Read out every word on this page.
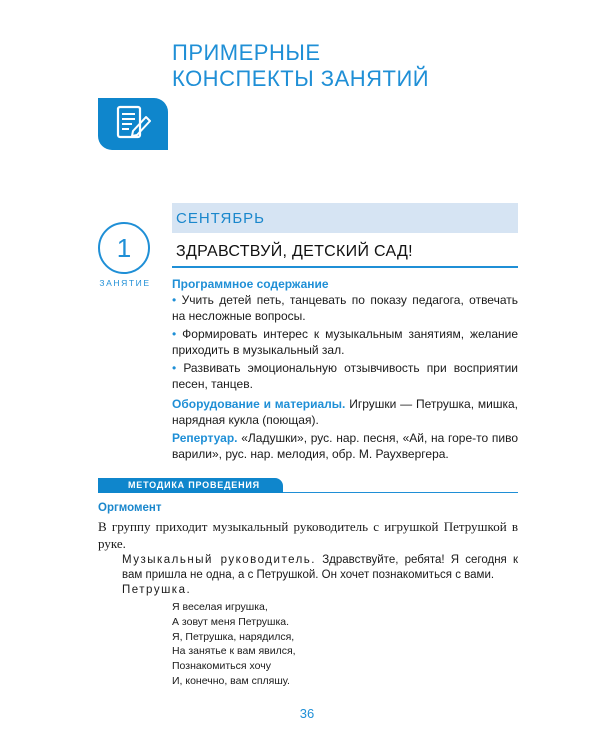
ПРИМЕРНЫЕ
КОНСПЕКТЫ ЗАНЯТИЙ
СЕНТЯБРЬ
1
ЗАНЯТИЕ
ЗДРАВСТВУЙ, ДЕТСКИЙ САД!
Программное содержание
• Учить детей петь, танцевать по показу педагога, отвечать на несложные вопросы.
• Формировать интерес к музыкальным занятиям, желание приходить в музыкальный зал.
• Развивать эмоциональную отзывчивость при восприятии песен, танцев.
Оборудование и материалы. Игрушки — Петрушка, мишка, нарядная кукла (поющая).
Репертуар. «Ладушки», рус. нар. песня, «Ай, на горе-то пиво варили», рус. нар. мелодия, обр. М. Раухвергера.
МЕТОДИКА ПРОВЕДЕНИЯ
Оргмомент
В группу приходит музыкальный руководитель с игрушкой Петрушкой в руке.
Музыкальный руководитель. Здравствуйте, ребята! Я сегодня к вам пришла не одна, а с Петрушкой. Он хочет познакомиться с вами.
Петрушка.
Я веселая игрушка,
А зовут меня Петрушка.
Я, Петрушка, нарядился,
На занятье к вам явился,
Познакомиться хочу
И, конечно, вам спляшу.
36
